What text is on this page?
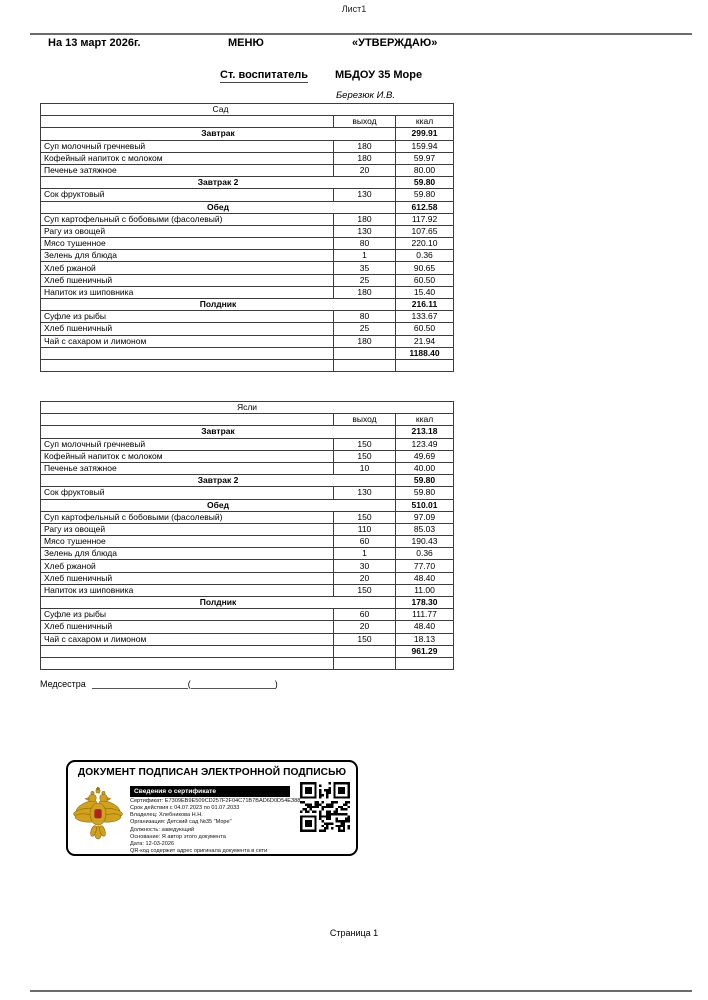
Лист1
На 13 март 2026г.	МЕНЮ	«УТВЕРЖДАЮ»
Ст. воспитатель МБДОУ 35 Море
Березюк И.В.
Сад		
	выход	ккал
Завтрак		299.91
Суп молочный гречневый	180	159.94
Кофейный напиток с молоком	180	59.97
Печенье затяжное	20	80.00
Завтрак 2		59.80
Сок фруктовый	130	59.80
Обед		612.58
Суп картофельный с бобовыми (фасолевый)	180	117.92
Рагу из овощей	130	107.65
Мясо тушенное	80	220.10
Зелень для блюда	1	0.36
Хлеб ржаной	35	90.65
Хлеб пшеничный	25	60.50
Напиток из шиповника	180	15.40
Полдник		216.11
Суфле из рыбы	80	133.67
Хлеб пшеничный	25	60.50
Чай с сахаром и лимоном	180	21.94
		1188.40

Ясли		
	выход	ккал
Завтрак		213.18
Суп молочный гречневый	150	123.49
Кофейный напиток с молоком	150	49.69
Печенье затяжное	10	40.00
Завтрак 2		59.80
Сок фруктовый	130	59.80
Обед		510.01
Суп картофельный с бобовыми (фасолевый)	150	97.09
Рагу из овощей	110	85.03
Мясо тушенное	60	190.43
Зелень для блюда	1	0.36
Хлеб ржаной	30	77.70
Хлеб пшеничный	20	48.40
Напиток из шиповника	150	11.00
Полдник		178.30
Суфле из рыбы	60	111.77
Хлеб пшеничный	20	48.40
Чай с сахаром и лимоном	150	18.13
		961.29

Медсестра	(	)
ДОКУМЕНТ ПОДПИСАН ЭЛЕКТРОННОЙ ПОДПИСЬЮ
Сведения о сертификате
Сертификат: E7309EB9E509CD257F2F04C71B7BAD6D0D54E388
Срок действия с 04.07.2023 по 01.07.2033
Владелец: Хлебникова Н.Н.
Организация: Детский сад №35 "Море"
Должность: заведующий
Основание: Я автор этого документа
Дата: 12-03-2026
QR-код содержит адрес оригинала документа в сети
Страница 1
